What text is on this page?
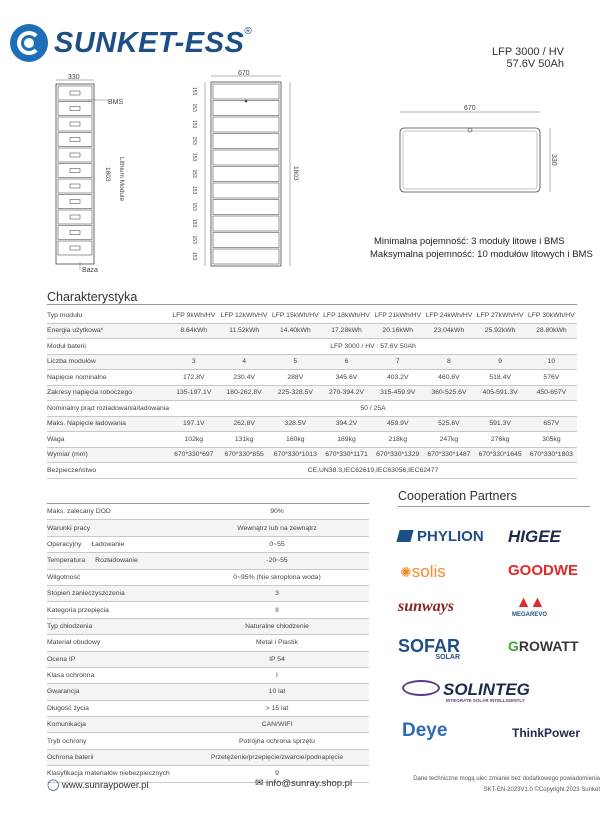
SUNKET-ESS ®
LFP 3000 / HV
57.6V 50Ah
330
BMS
Lithium Module
1803
Baza
670
1803
153
153
153
153
153
153
153
153
153
153
153
670
330
Minimalna pojemność: 3 moduły litowe i BMS
Maksymalna pojemność: 10 modułów litowych i BMS
Charakterystyka
Typ modułu	LFP 9kWh/HV	LFP 12kWh/HV	LFP 15kWh/HV	LFP 18kWh/HV	LFP 21kWh/HV	LFP 24kWh/HV	LFP 27kWh/HV	LFP 30kWh/HV
Energia użytkowa*	8.64kWh	11.52kWh	14.40kWh	17.28kWh	20.16kWh	23.04kWh	25.92kWh	28.80kWh
Moduł baterii	LFP 3000 / HV : 57.6V 50Ah							
Liczba modułów	3	4	5	6	7	8	9	10
Napięcie nominalne	172.8V	230.4V	288V	345.6V	403.2V	460.6V	518.4V	576V
Zakresy napięcia roboczego	135-197.1V	180-262.8V	225-328.5V	270-394.2V	315-459.9V	360-525.6V	405-591.3V	450-657V
Nominalny prąd rozładowania/ładowania	50 / 25A							
Maks. Napięcie ładowania	197.1V	262.8V	328.5V	394.2V	459.9V	525.6V	591.3V	657V
Waga	102kg	131kg	160kg	189kg	218kg	247kg	276kg	305kg
Wymiar (mm)	670*330*697	670*330*855	670*330*1013	670*330*1171	670*330*1329	670*330*1487	670*330*1645	670*330*1803
Bezpieczeństwo	CE,UN38.3,IEC62619,IEC63056,IEC62477							
Maks. zalecany DOD	90%
Warunki pracy	Wewnątrz lub na zewnątrz
Operacyjny Ładowanie	0~55
Temperatura Rozładowanie	-20~55
Wilgotność	0~95% (Nie skroplona woda)
Stopień zanieczyszczenia	3
Kategoria przepięcia	II
Typ chłodzenia	Naturalne chłodzenie
Materiał obudowy	Metal i Plastik
Ocena IP	IP 54
Klasa ochronna	I
Gwarancja	10 lat
Długość życia	> 15 lat
Komunikacja	CAN/WIFI
Tryb ochrony	Potrójna ochrona sprzętu
Ochrona baterii	Przetężenie/przepięcie/zwarcie/podnapięcie
Klasyfikacja materiałów niebezpiecznych	9
Cooperation Partners
PHYLION HIGEE
✺solis	GOODWE
sunways	▲▲
MEGAREVO
SOFAR
SOLAR
GROWATT
SOLINTEG
INTEGRATE SOLAR INTELLIGENTLY
Deye	ThinkPower
◯ www.sunraypower.pl	✉ info@sunray.shop.pl	Dane techniczne mogą ulec zmianie bez dodatkowego powiadomienia
SKT-EN-2023V1.0 ©Copyright 2023 Sunket
